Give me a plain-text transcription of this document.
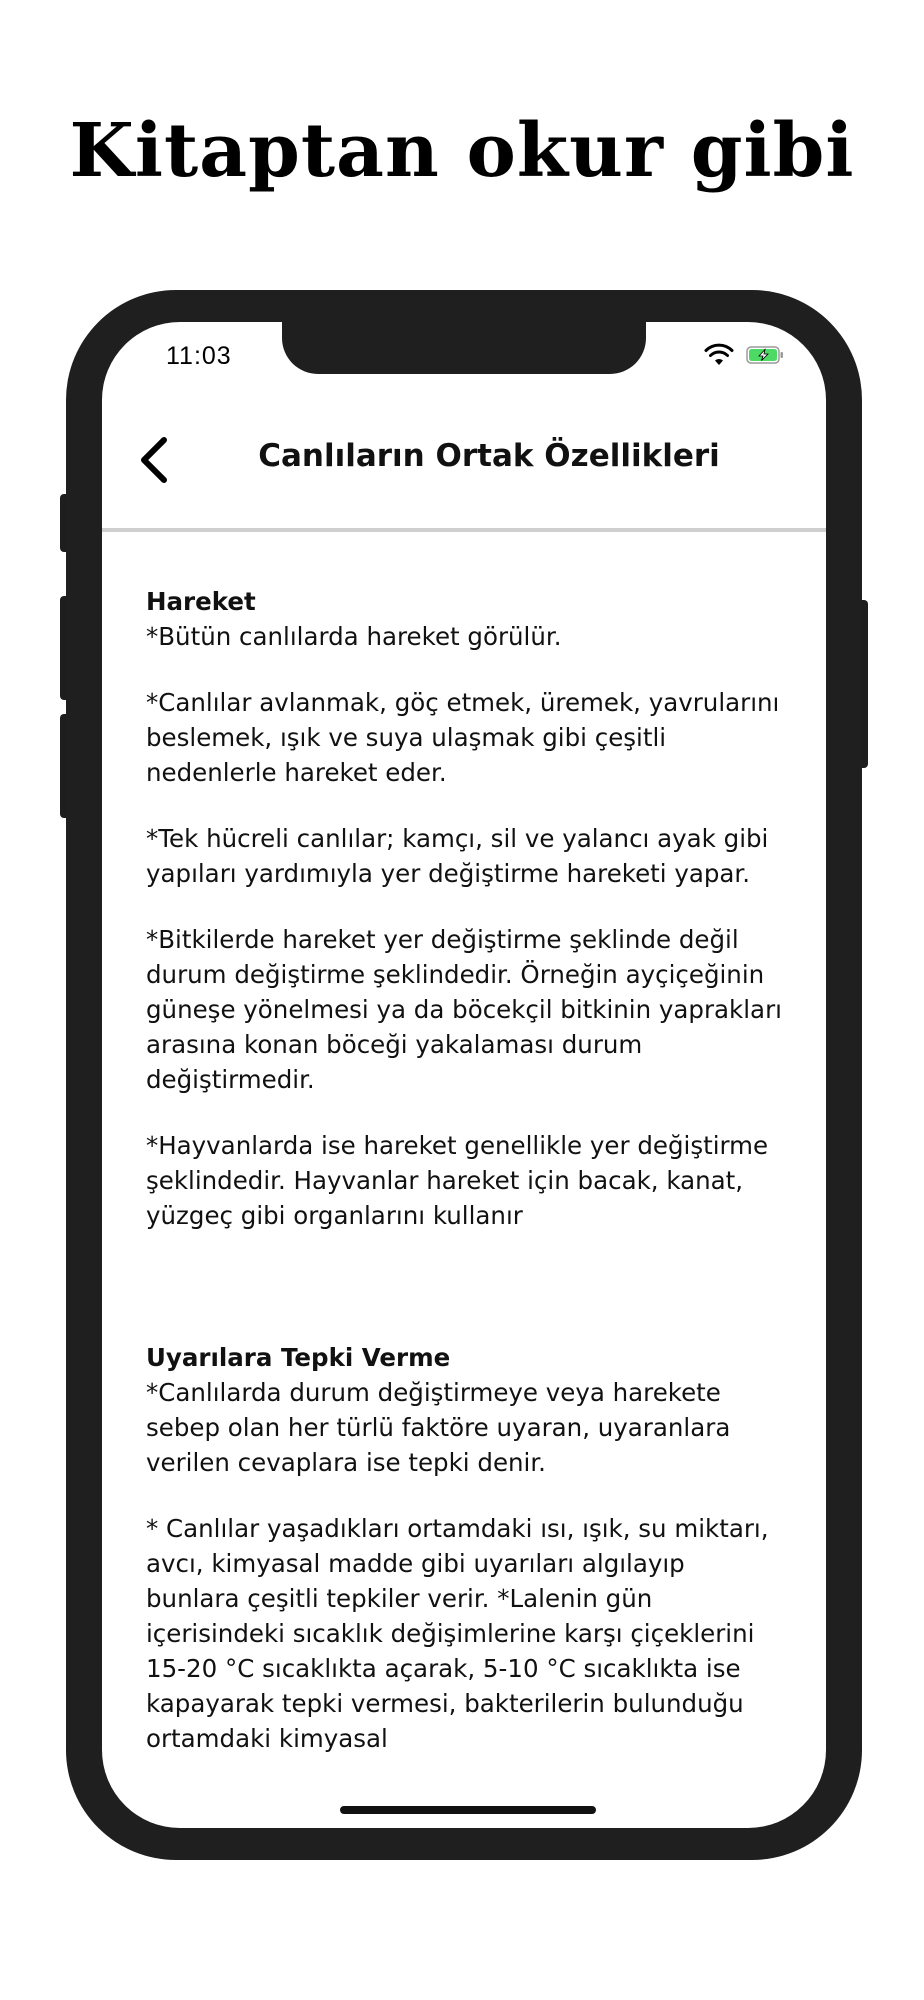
Kitaptan okur gibi
11:03
Canlıların Ortak Özellikleri

Hareket

*Bütün canlılarda hareket görülür.

*Canlılar avlanmak, göç etmek, üremek, yavrularını beslemek, ışık ve suya ulaşmak gibi çeşitli nedenlerle hareket eder.

*Tek hücreli canlılar; kamçı, sil ve yalancı ayak gibi yapıları yardımıyla yer değiştirme hareketi yapar.

*Bitkilerde hareket yer değiştirme şeklinde değil durum değiştirme şeklindedir. Örneğin ayçiçeğinin güneşe yönelmesi ya da böcekçil bitkinin yaprakları arasına konan böceği yakalaması durum değiştirmedir.

*Hayvanlarda ise hareket genellikle yer değiştirme şeklindedir. Hayvanlar hareket için bacak, kanat, yüzgeç gibi organlarını kullanır

Uyarılara Tepki Verme

*Canlılarda durum değiştirmeye veya harekete sebep olan her türlü faktöre uyaran, uyaranlara verilen cevaplara ise tepki denir.

* Canlılar yaşadıkları ortamdaki ısı, ışık, su miktarı, avcı, kimyasal madde gibi uyarıları algılayıp bunlara çeşitli tepkiler verir. *Lalenin gün içerisindeki sıcaklık değişimlerine karşı çiçeklerini 15-20 °C sıcaklıkta açarak, 5-10 °C sıcaklıkta ise kapayarak tepki vermesi, bakterilerin bulunduğu ortamdaki kimyasal
